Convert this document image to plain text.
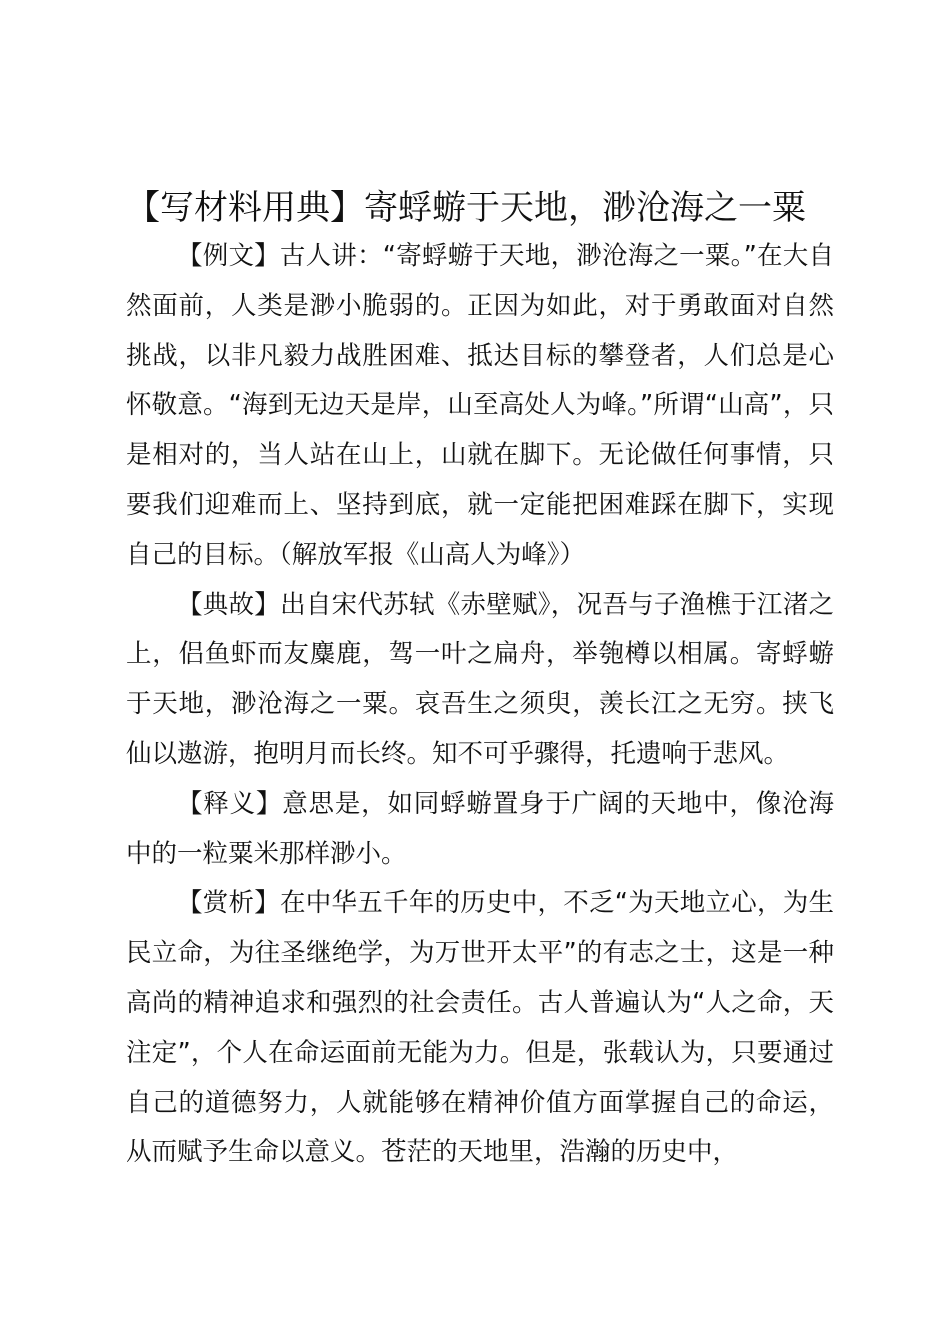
【写材料用典】寄蜉蝣于天地，渺沧海之一粟

【例文】古人讲：“寄蜉蝣于天地，渺沧海之一粟。”在大自然面前，人类是渺小脆弱的。正因为如此，对于勇敢面对自然挑战，以非凡毅力战胜困难、抵达目标的攀登者，人们总是心怀敬意。“海到无边天是岸，山至高处人为峰。”所谓“山高”，只是相对的，当人站在山上，山就在脚下。无论做任何事情，只要我们迎难而上、坚持到底，就一定能把困难踩在脚下，实现自己的目标。（解放军报《山高人为峰》）

【典故】出自宋代苏轼《赤壁赋》，况吾与子渔樵于江渚之上，侣鱼虾而友麋鹿，驾一叶之扁舟，举匏樽以相属。寄蜉蝣于天地，渺沧海之一粟。哀吾生之须臾，羡长江之无穷。挟飞仙以遨游，抱明月而长终。知不可乎骤得，托遗响于悲风。

【释义】意思是，如同蜉蝣置身于广阔的天地中，像沧海中的一粒粟米那样渺小。

【赏析】在中华五千年的历史中，不乏“为天地立心，为生民立命，为往圣继绝学，为万世开太平”的有志之士，这是一种高尚的精神追求和强烈的社会责任。古人普遍认为“人之命，天注定”，个人在命运面前无能为力。但是，张载认为，只要通过自己的道德努力，人就能够在精神价值方面掌握自己的命运，从而赋予生命以意义。苍茫的天地里，浩瀚的历史中，
